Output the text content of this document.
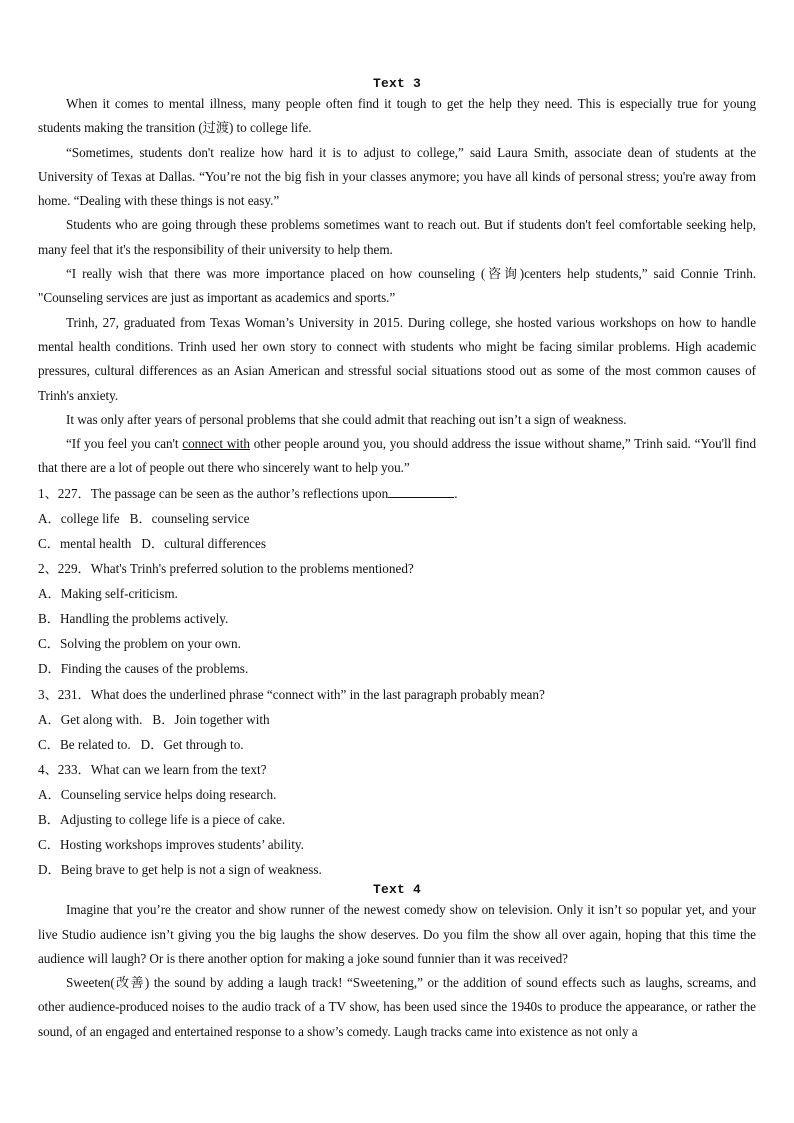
Text 3

When it comes to mental illness, many people often find it tough to get the help they need. This is especially true for young students making the transition (过渡) to college life.

“Sometimes, students don't realize how hard it is to adjust to college,” said Laura Smith, associate dean of students at the University of Texas at Dallas. “You’re not the big fish in your classes anymore; you have all kinds of personal stress; you're away from home. “Dealing with these things is not easy.”

Students who are going through these problems sometimes want to reach out. But if students don't feel comfortable seeking help, many feel that it's the responsibility of their university to help them.

“I really wish that there was more importance placed on how counseling (咨询)centers help students,” said Connie Trinh. "Counseling services are just as important as academics and sports.”

Trinh, 27, graduated from Texas Woman’s University in 2015. During college, she hosted various workshops on how to handle mental health conditions. Trinh used her own story to connect with students who might be facing similar problems. High academic pressures, cultural differences as an Asian American and stressful social situations stood out as some of the most common causes of Trinh's anxiety.

It was only after years of personal problems that she could admit that reaching out isn’t a sign of weakness.

“If you feel you can't connect with other people around you, you should address the issue without shame,” Trinh said. “You'll find that there are a lot of people out there who sincerely want to help you.”

1、227．The passage can be seen as the author’s reflections upon	.

A．college life B．counseling service

C．mental health D．cultural differences

2、229．What's Trinh's preferred solution to the problems mentioned?

A．Making self-criticism.

B．Handling the problems actively.

C．Solving the problem on your own.

D．Finding the causes of the problems.

3、231．What does the underlined phrase “connect with” in the last paragraph probably mean?

A．Get along with. B．Join together with

C．Be related to. D．Get through to.

4、233．What can we learn from the text?

A．Counseling service helps doing research.

B．Adjusting to college life is a piece of cake.

C．Hosting workshops improves students’ ability.

D．Being brave to get help is not a sign of weakness.

Text 4

Imagine that you’re the creator and show runner of the newest comedy show on television. Only it isn’t so popular yet, and your live Studio audience isn’t giving you the big laughs the show deserves. Do you film the show all over again, hoping that this time the audience will laugh? Or is there another option for making a joke sound funnier than it was received?

Sweeten(改善) the sound by adding a laugh track! “Sweetening,” or the addition of sound effects such as laughs, screams, and other audience-produced noises to the audio track of a TV show, has been used since the 1940s to produce the appearance, or rather the sound, of an engaged and entertained response to a show’s comedy. Laugh tracks came into existence as not only a
